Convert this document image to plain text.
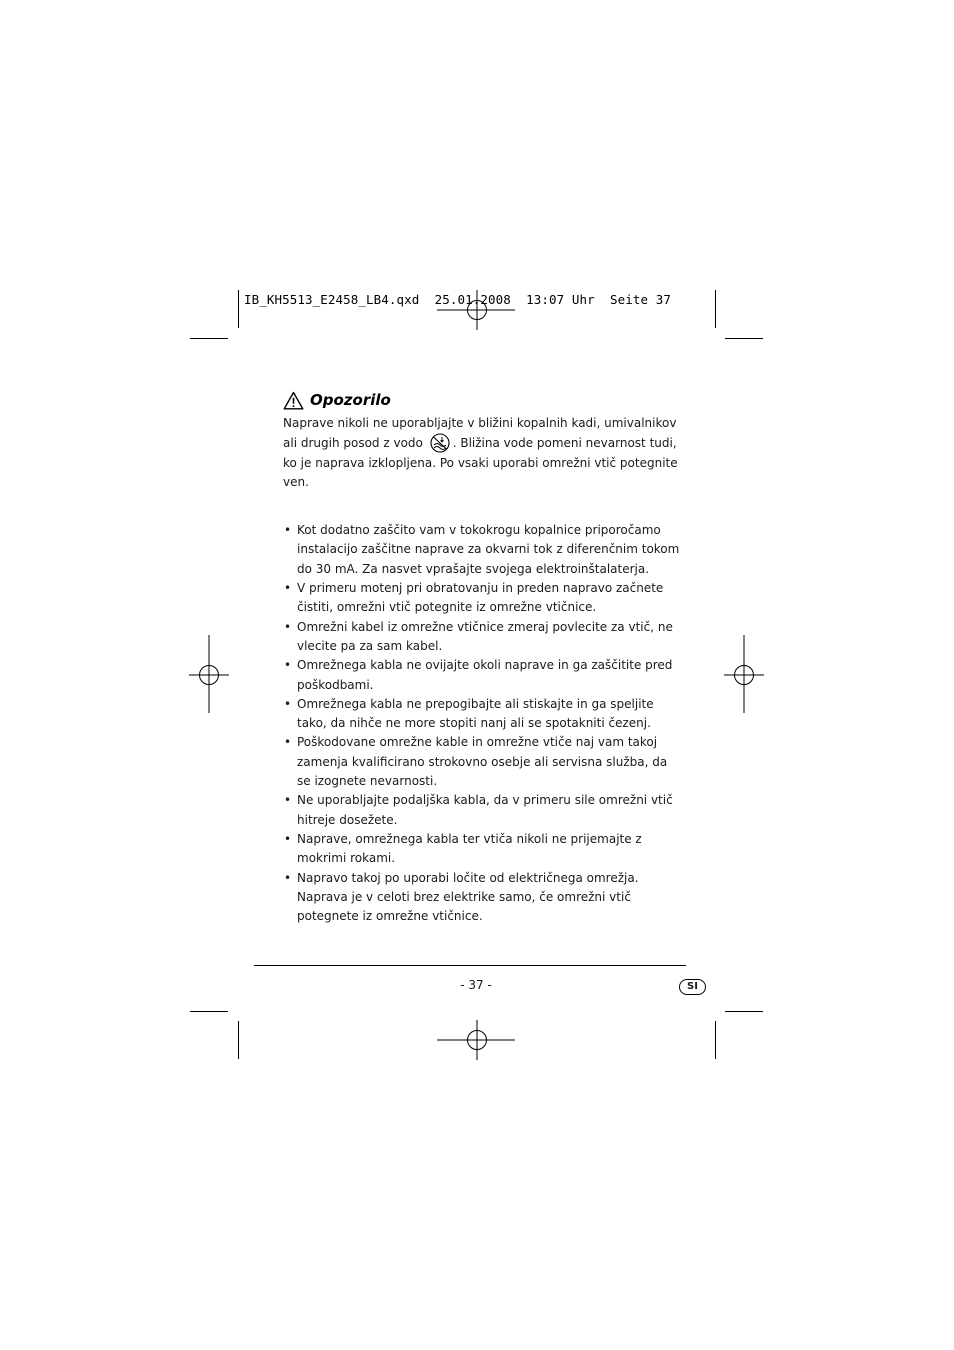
IB_KH5513_E2458_LB4.qxd  25.01.2008  13:07 Uhr  Seite 37
Opozorilo

Naprave nikoli ne uporabljajte v bližini kopalnih kadi, umivalnikov ali drugih posod z vodo . Bližina vode pomeni nevarnost tudi, ko je naprava izklopljena. Po vsaki uporabi omrežni vtič potegnite ven.

• Kot dodatno zaščito vam v tokokrogu kopalnice priporočamo instalacijo zaščitne naprave za okvarni tok z diferenčnim tokom do 30 mA. Za nasvet vprašajte svojega elektroinštalaterja.
• V primeru motenj pri obratovanju in preden napravo začnete čistiti, omrežni vtič potegnite iz omrežne vtičnice.
• Omrežni kabel iz omrežne vtičnice zmeraj povlecite za vtič, ne vlecite pa za sam kabel.
• Omrežnega kabla ne ovijajte okoli naprave in ga zaščitite pred poškodbami.
• Omrežnega kabla ne prepogibajte ali stiskajte in ga speljite tako, da nihče ne more stopiti nanj ali se spotakniti čezenj.
• Poškodovane omrežne kable in omrežne vtiče naj vam takoj zamenja kvalificirano strokovno osebje ali servisna služba, da se izognete nevarnosti.
• Ne uporabljajte podaljška kabla, da v primeru sile omrežni vtič hitreje dosežete.
• Naprave, omrežnega kabla ter vtiča nikoli ne prijemajte z mokrimi rokami.
• Napravo takoj po uporabi ločite od električnega omrežja. Naprava je v celoti brez elektrike samo, če omrežni vtič potegnete iz omrežne vtičnice.
- 37 -	SI
